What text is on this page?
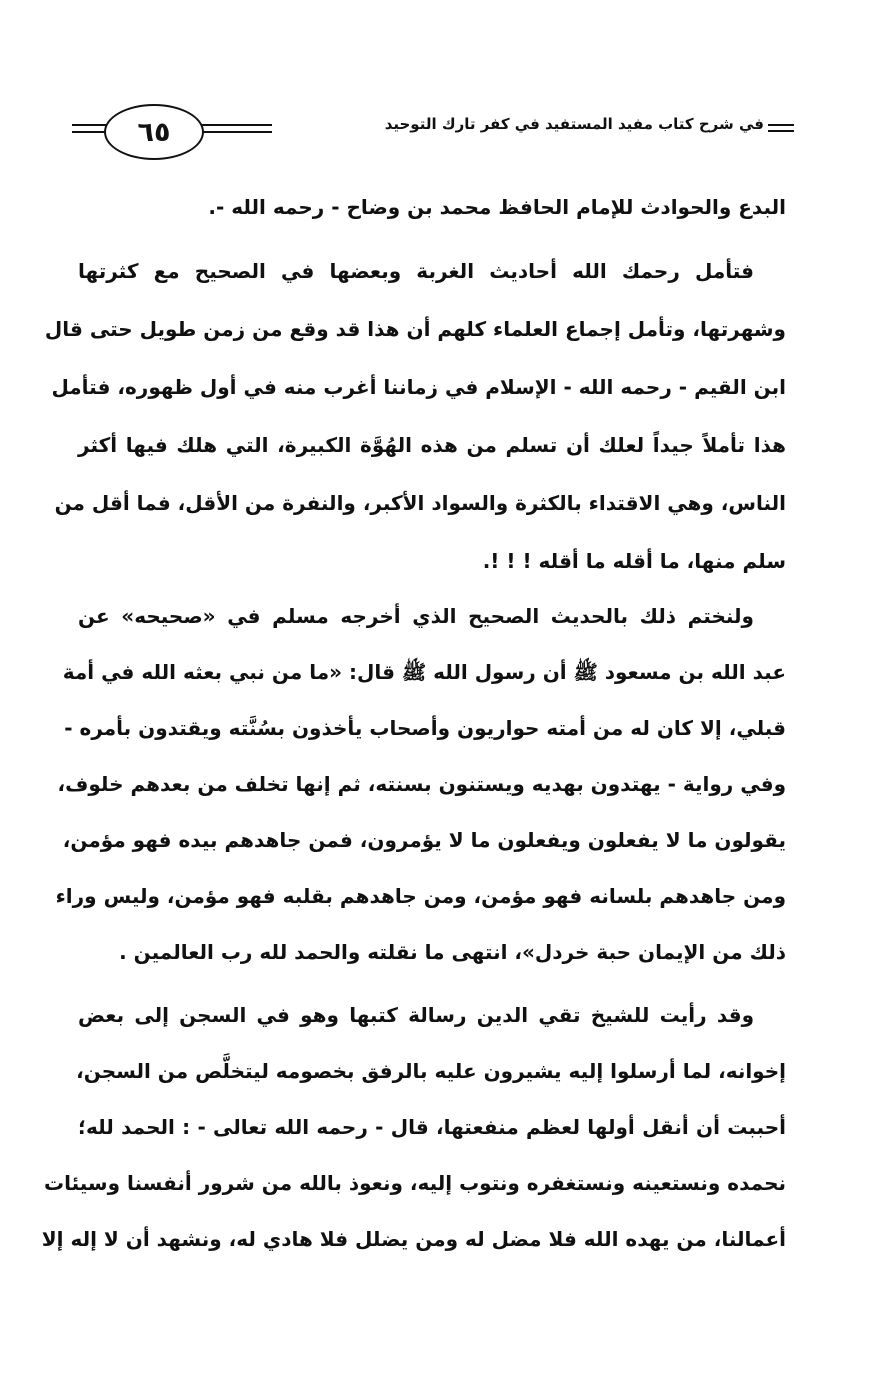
٦٥	في شرح كتاب مفيد المستفيد في كفر تارك التوحيد
البدع والحوادث للإمام الحافظ محمد بن وضاح - رحمه الله -.
فتأمل رحمك الله أحاديث الغربة وبعضها في الصحيح مع كثرتها
وشهرتها، وتأمل إجماع العلماء كلهم أن هذا قد وقع من زمن طويل حتى قال
ابن القيم - رحمه الله - الإسلام في زماننا أغرب منه في أول ظهوره، فتأمل
هذا تأملاً جيداً لعلك أن تسلم من هذه الهُوَّة الكبيرة، التي هلك فيها أكثر
الناس، وهي الاقتداء بالكثرة والسواد الأكبر، والنفرة من الأقل، فما أقل من
سلم منها، ما أقله ما أقله ! ! !.
ولنختم ذلك بالحديث الصحيح الذي أخرجه مسلم في «صحيحه» عن
عبد الله بن مسعود ﷺ أن رسول الله ﷺ قال: «ما من نبي بعثه الله في أمة
قبلي، إلا كان له من أمته حواريون وأصحاب يأخذون بسُنَّته ويقتدون بأمره -
وفي رواية - يهتدون بهديه ويستنون بسنته، ثم إنها تخلف من بعدهم خلوف،
يقولون ما لا يفعلون ويفعلون ما لا يؤمرون، فمن جاهدهم بيده فهو مؤمن،
ومن جاهدهم بلسانه فهو مؤمن، ومن جاهدهم بقلبه فهو مؤمن، وليس وراء
ذلك من الإيمان حبة خردل»، انتهى ما نقلته والحمد لله رب العالمين .
وقد رأيت للشيخ تقي الدين رسالة كتبها وهو في السجن إلى بعض
إخوانه، لما أرسلوا إليه يشيرون عليه بالرفق بخصومه ليتخلَّص من السجن،
أحببت أن أنقل أولها لعظم منفعتها، قال - رحمه الله تعالى - : الحمد لله؛
نحمده ونستعينه ونستغفره ونتوب إليه، ونعوذ بالله من شرور أنفسنا وسيئات
أعمالنا، من يهده الله فلا مضل له ومن يضلل فلا هادي له، ونشهد أن لا إله إلا
